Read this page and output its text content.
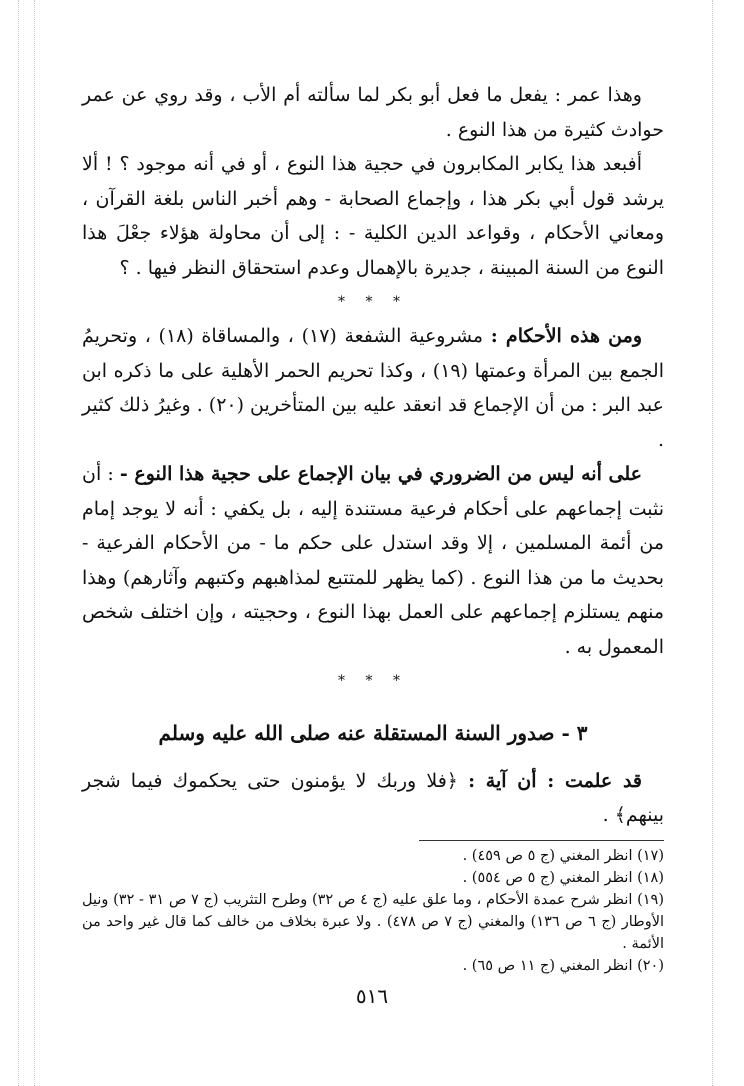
وهذا عمر : يفعل ما فعل أبو بكر لما سألته أم الأب ، وقد روي عن عمر حوادث كثيرة من هذا النوع .

أفبعد هذا يكابر المكابرون في حجية هذا النوع ، أو في أنه موجود ؟ ! ألا يرشد قول أبي بكر هذا ، وإجماع الصحابة - وهم أخبر الناس بلغة القرآن ، ومعاني الأحكام ، وقواعد الدين الكلية - : إلى أن محاولة هؤلاء جعْلَ هذا النوع من السنة المبينة ، جديرة بالإهمال وعدم استحقاق النظر فيها . ؟

* * *

ومن هذه الأحكام : مشروعية الشفعة (١٧) ، والمساقاة (١٨) ، وتحريمُ الجمع بين المرأة وعمتها (١٩) ، وكذا تحريم الحمر الأهلية على ما ذكره ابن عبد البر : من أن الإجماع قد انعقد عليه بين المتأخرين (٢٠) . وغيرُ ذلك كثير .

على أنه ليس من الضروري في بيان الإجماع على حجية هذا النوع - : أن نثبت إجماعهم على أحكام فرعية مستندة إليه ، بل يكفي : أنه لا يوجد إمام من أئمة المسلمين ، إلا وقد استدل على حكم ما - من الأحكام الفرعية - بحديث ما من هذا النوع . (كما يظهر للمتتبع لمذاهبهم وكتبهم وآثارهم) وهذا منهم يستلزم إجماعهم على العمل بهذا النوع ، وحجيته ، وإن اختلف شخص المعمول به .

* * *
٣ - صدور السنة المستقلة عنه صلى الله عليه وسلم

قد علمت : أن آية : ﴿فلا وربك لا يؤمنون حتى يحكموك فيما شجر بينهم﴾ .

(١٧) انظر المغني (ج ٥ ص ٤٥٩) .

(١٨) انظر المغني (ج ٥ ص ٥٥٤) .

(١٩) انظر شرح عمدة الأحكام ، وما علق عليه (ج ٤ ص ٣٢) وطرح التثريب (ج ٧ ص ٣١ - ٣٢) ونيل الأوطار (ج ٦ ص ١٣٦) والمغني (ج ٧ ص ٤٧٨) . ولا عبرة بخلاف من خالف كما قال غير واحد من الأئمة .

(٢٠) انظر المغني (ج ١١ ص ٦٥) .

٥١٦
